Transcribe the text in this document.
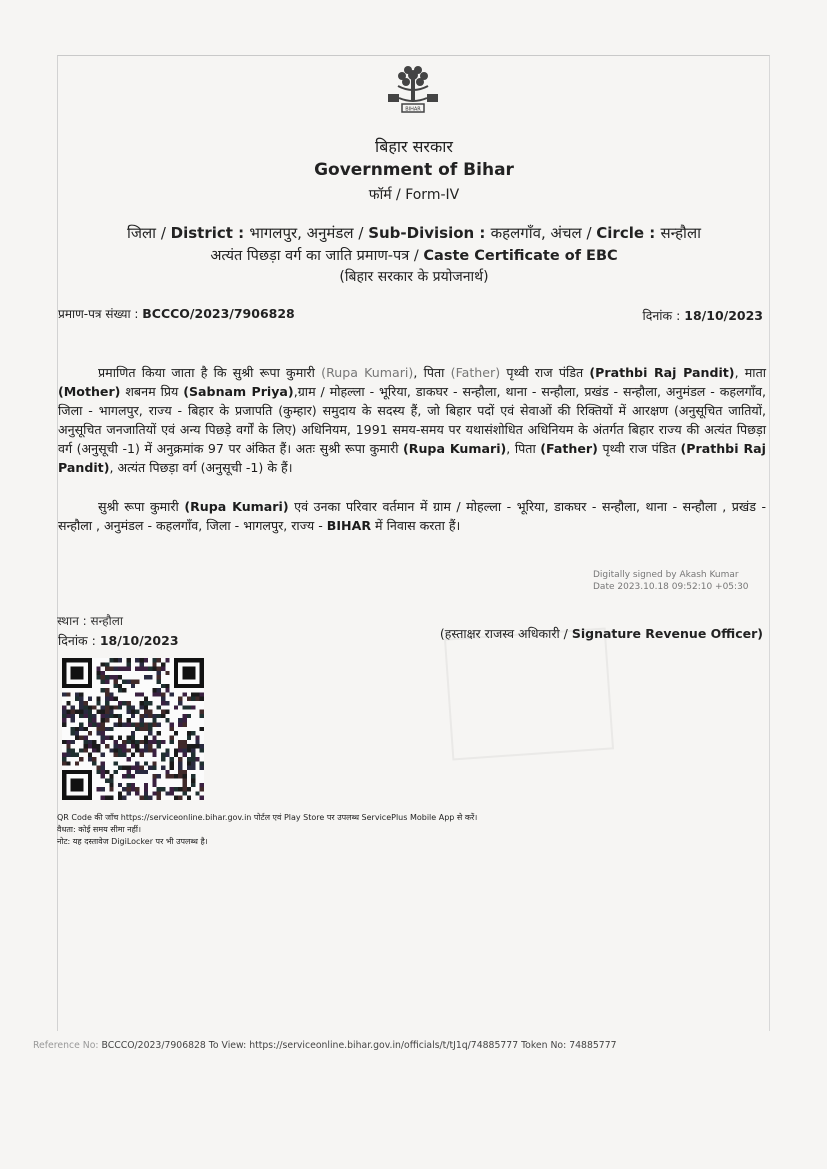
BIHAR
बिहार सरकार
Government of Bihar
फॉर्म / Form-IV
जिला / District : भागलपुर, अनुमंडल / Sub-Division : कहलगाँव, अंचल / Circle : सन्हौला
अत्यंत पिछड़ा वर्ग का जाति प्रमाण-पत्र / Caste Certificate of EBC
(बिहार सरकार के प्रयोजनार्थ)
प्रमाण-पत्र संख्या : BCCCO/2023/7906828	दिनांक : 18/10/2023
प्रमाणित किया जाता है कि सुश्री रूपा कुमारी (Rupa Kumari), पिता (Father) पृथ्वी राज पंडित (Prathbi Raj Pandit), माता (Mother) शबनम प्रिय (Sabnam Priya),ग्राम / मोहल्ला - भूरिया, डाकघर - सन्हौला, थाना - सन्हौला, प्रखंड - सन्हौला, अनुमंडल - कहलगाँव, जिला - भागलपुर, राज्य - बिहार के प्रजापति (कुम्हार) समुदाय के सदस्य हैं, जो बिहार पदों एवं सेवाओं की रिक्तियों में आरक्षण (अनुसूचित जातियों, अनुसूचित जनजातियों एवं अन्य पिछड़े वर्गों के लिए) अधिनियम, 1991 समय-समय पर यथासंशोधित अधिनियम के अंतर्गत बिहार राज्य की अत्यंत पिछड़ा वर्ग (अनुसूची -1) में अनुक्रमांक 97 पर अंकित हैं। अतः सुश्री रूपा कुमारी (Rupa Kumari), पिता (Father) पृथ्वी राज पंडित (Prathbi Raj Pandit), अत्यंत पिछड़ा वर्ग (अनुसूची -1) के हैं।
सुश्री रूपा कुमारी (Rupa Kumari) एवं उनका परिवार वर्तमान में ग्राम / मोहल्ला - भूरिया, डाकघर - सन्हौला, थाना - सन्हौला , प्रखंड - सन्हौला , अनुमंडल - कहलगाँव, जिला - भागलपुर, राज्य - BIHAR में निवास करता हैं।
Digitally signed by Akash Kumar
Date 2023.10.18 09:52:10 +05:30
स्थान : सन्हौला
दिनांक : 18/10/2023	(हस्ताक्षर राजस्व अधिकारी / Signature Revenue Officer)
QR Code की जाँच https://serviceonline.bihar.gov.in पोर्टल एवं Play Store पर उपलब्ध ServicePlus Mobile App से करें।
वैधता: कोई समय सीमा नहीं।
नोट: यह दस्तावेज DigiLocker पर भी उपलब्ध है।
Reference No: BCCCO/2023/7906828 To View: https://serviceonline.bihar.gov.in/officials/t/tJ1q/74885777 Token No: 74885777
